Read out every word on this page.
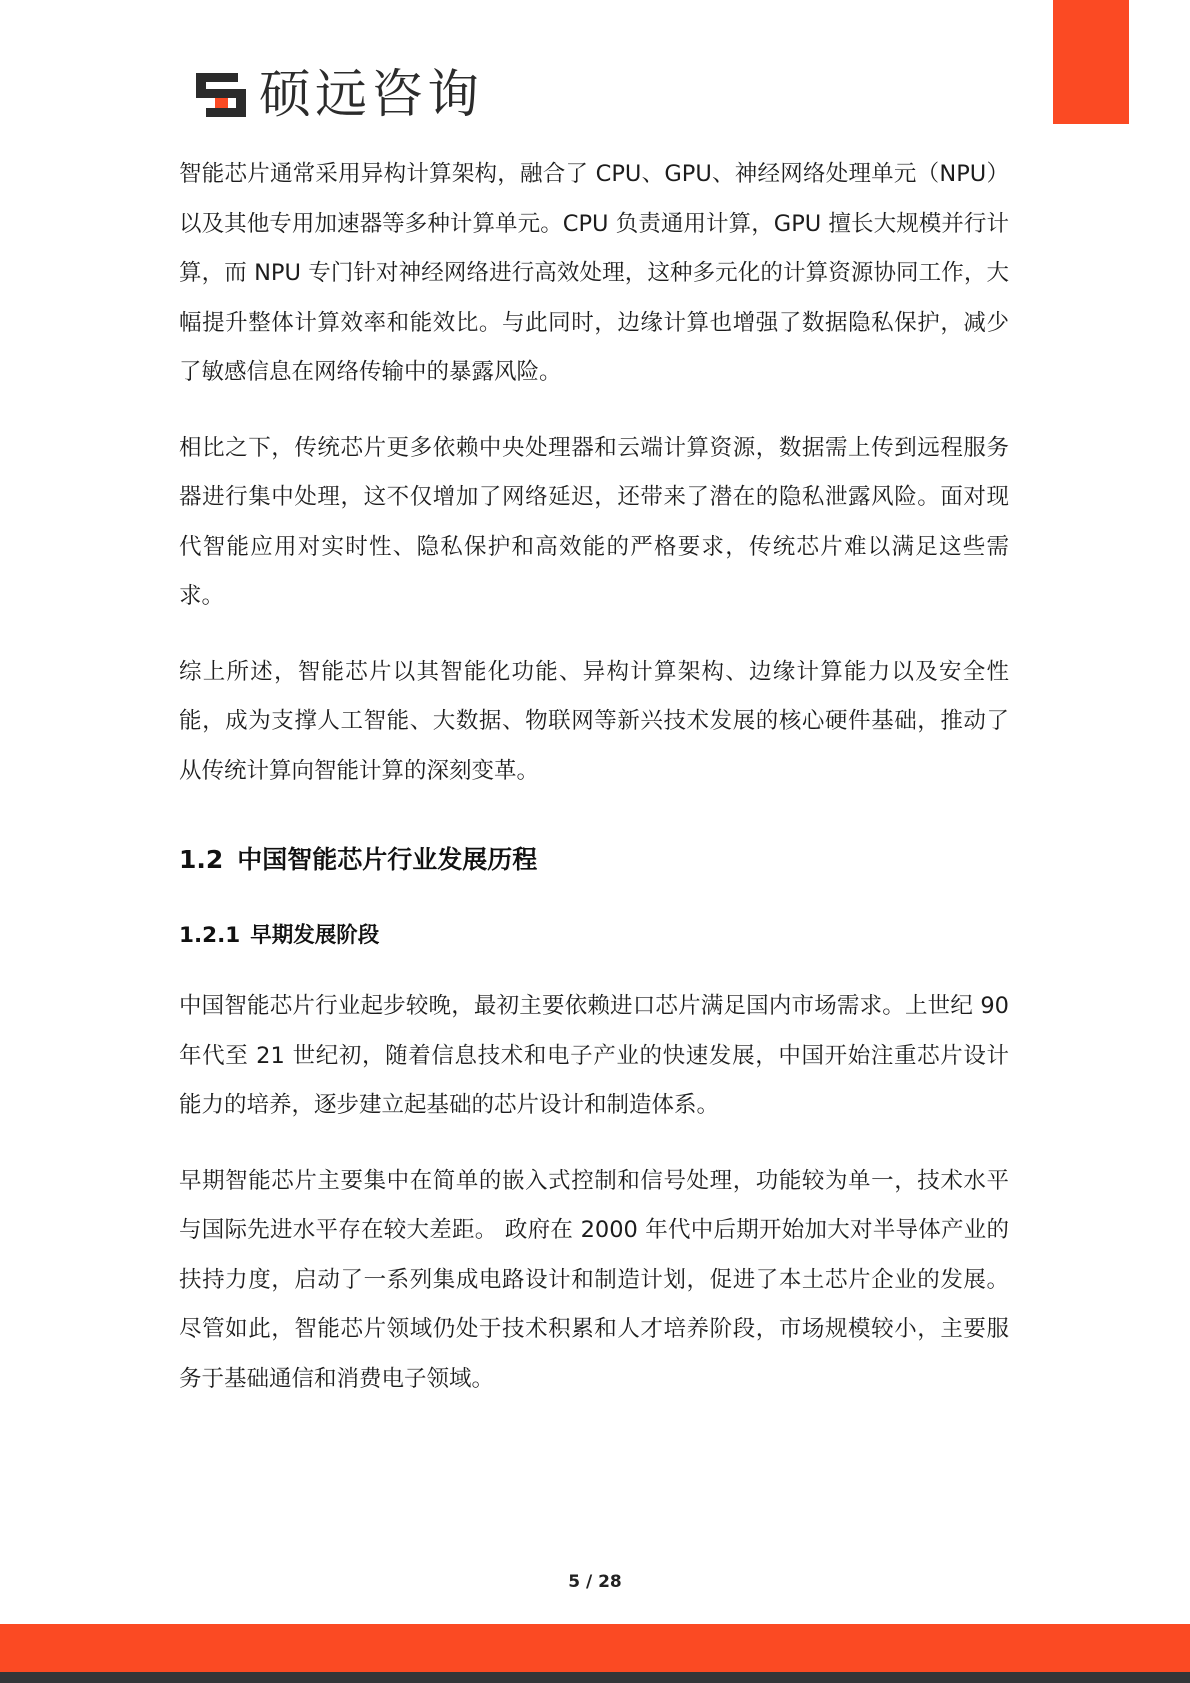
硕远咨询

智能芯片通常采用异构计算架构，融合了 CPU、GPU、神经网络处理单元（NPU）以及其他专用加速器等多种计算单元。CPU 负责通用计算，GPU 擅长大规模并行计算，而 NPU 专门针对神经网络进行高效处理，这种多元化的计算资源协同工作，大幅提升整体计算效率和能效比。与此同时，边缘计算也增强了数据隐私保护，减少了敏感信息在网络传输中的暴露风险。

相比之下，传统芯片更多依赖中央处理器和云端计算资源，数据需上传到远程服务器进行集中处理，这不仅增加了网络延迟，还带来了潜在的隐私泄露风险。面对现代智能应用对实时性、隐私保护和高效能的严格要求，传统芯片难以满足这些需求。

综上所述，智能芯片以其智能化功能、异构计算架构、边缘计算能力以及安全性能，成为支撑人工智能、大数据、物联网等新兴技术发展的核心硬件基础，推动了从传统计算向智能计算的深刻变革。

1.2 中国智能芯片行业发展历程
1.2.1 早期发展阶段

中国智能芯片行业起步较晚，最初主要依赖进口芯片满足国内市场需求。上世纪 90 年代至 21 世纪初，随着信息技术和电子产业的快速发展，中国开始注重芯片设计能力的培养，逐步建立起基础的芯片设计和制造体系。

早期智能芯片主要集中在简单的嵌入式控制和信号处理，功能较为单一，技术水平与国际先进水平存在较大差距。 政府在 2000 年代中后期开始加大对半导体产业的扶持力度，启动了一系列集成电路设计和制造计划，促进了本土芯片企业的发展。尽管如此，智能芯片领域仍处于技术积累和人才培养阶段，市场规模较小，主要服务于基础通信和消费电子领域。

5 / 28
